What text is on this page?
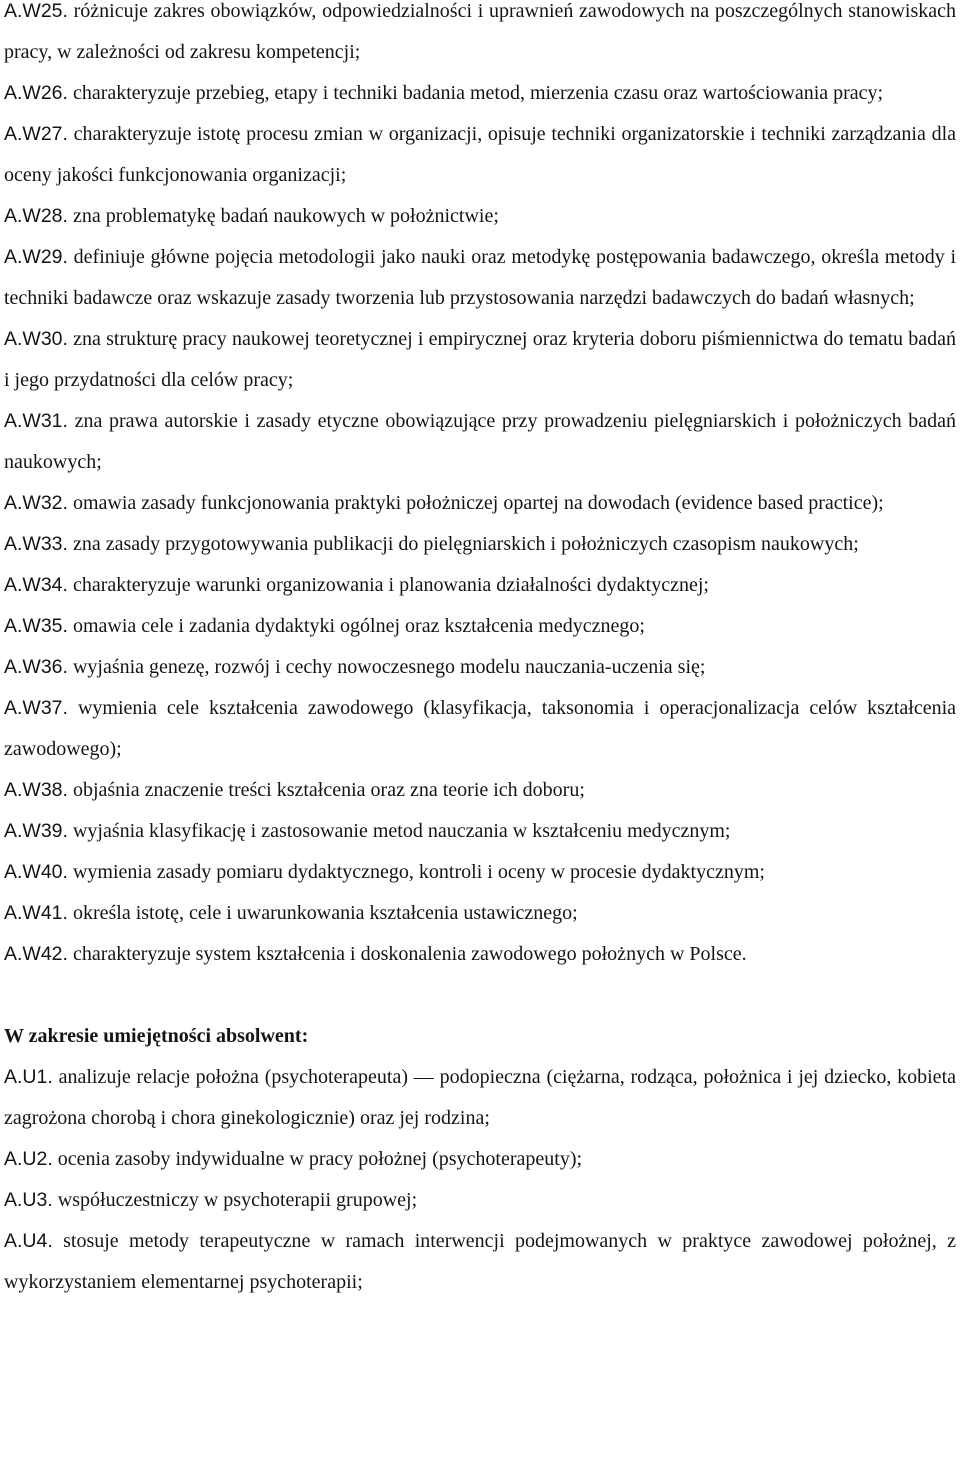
A.W25. różnicuje zakres obowiązków, odpowiedzialności i uprawnień zawodowych na poszczególnych stanowiskach pracy, w zależności od zakresu kompetencji;

A.W26. charakteryzuje przebieg, etapy i techniki badania metod, mierzenia czasu oraz wartościowania pracy;

A.W27. charakteryzuje istotę procesu zmian w organizacji, opisuje techniki organizatorskie i techniki zarządzania dla oceny jakości funkcjonowania organizacji;

A.W28. zna problematykę badań naukowych w położnictwie;

A.W29. definiuje główne pojęcia metodologii jako nauki oraz metodykę postępowania badawczego, określa metody i techniki badawcze oraz wskazuje zasady tworzenia lub przystosowania narzędzi badawczych do badań własnych;

A.W30. zna strukturę pracy naukowej teoretycznej i empirycznej oraz kryteria doboru piśmiennictwa do tematu badań i jego przydatności dla celów pracy;

A.W31. zna prawa autorskie i zasady etyczne obowiązujące przy prowadzeniu pielęgniarskich i położniczych badań naukowych;

A.W32. omawia zasady funkcjonowania praktyki położniczej opartej na dowodach (evidence based practice);

A.W33. zna zasady przygotowywania publikacji do pielęgniarskich i położniczych czasopism naukowych;

A.W34. charakteryzuje warunki organizowania i planowania działalności dydaktycznej;

A.W35. omawia cele i zadania dydaktyki ogólnej oraz kształcenia medycznego;

A.W36. wyjaśnia genezę, rozwój i cechy nowoczesnego modelu nauczania-uczenia się;

A.W37. wymienia cele kształcenia zawodowego (klasyfikacja, taksonomia i operacjonalizacja celów kształcenia zawodowego);

A.W38. objaśnia znaczenie treści kształcenia oraz zna teorie ich doboru;

A.W39. wyjaśnia klasyfikację i zastosowanie metod nauczania w kształceniu medycznym;

A.W40. wymienia zasady pomiaru dydaktycznego, kontroli i oceny w procesie dydaktycznym;

A.W41. określa istotę, cele i uwarunkowania kształcenia ustawicznego;

A.W42. charakteryzuje system kształcenia i doskonalenia zawodowego położnych w Polsce.

W zakresie umiejętności absolwent:

A.U1. analizuje relacje położna (psychoterapeuta) — podopieczna (ciężarna, rodząca, położnica i jej dziecko, kobieta zagrożona chorobą i chora ginekologicznie) oraz jej rodzina;

A.U2. ocenia zasoby indywidualne w pracy położnej (psychoterapeuty);

A.U3. współuczestniczy w psychoterapii grupowej;

A.U4. stosuje metody terapeutyczne w ramach interwencji podejmowanych w praktyce zawodowej położnej, z wykorzystaniem elementarnej psychoterapii;
